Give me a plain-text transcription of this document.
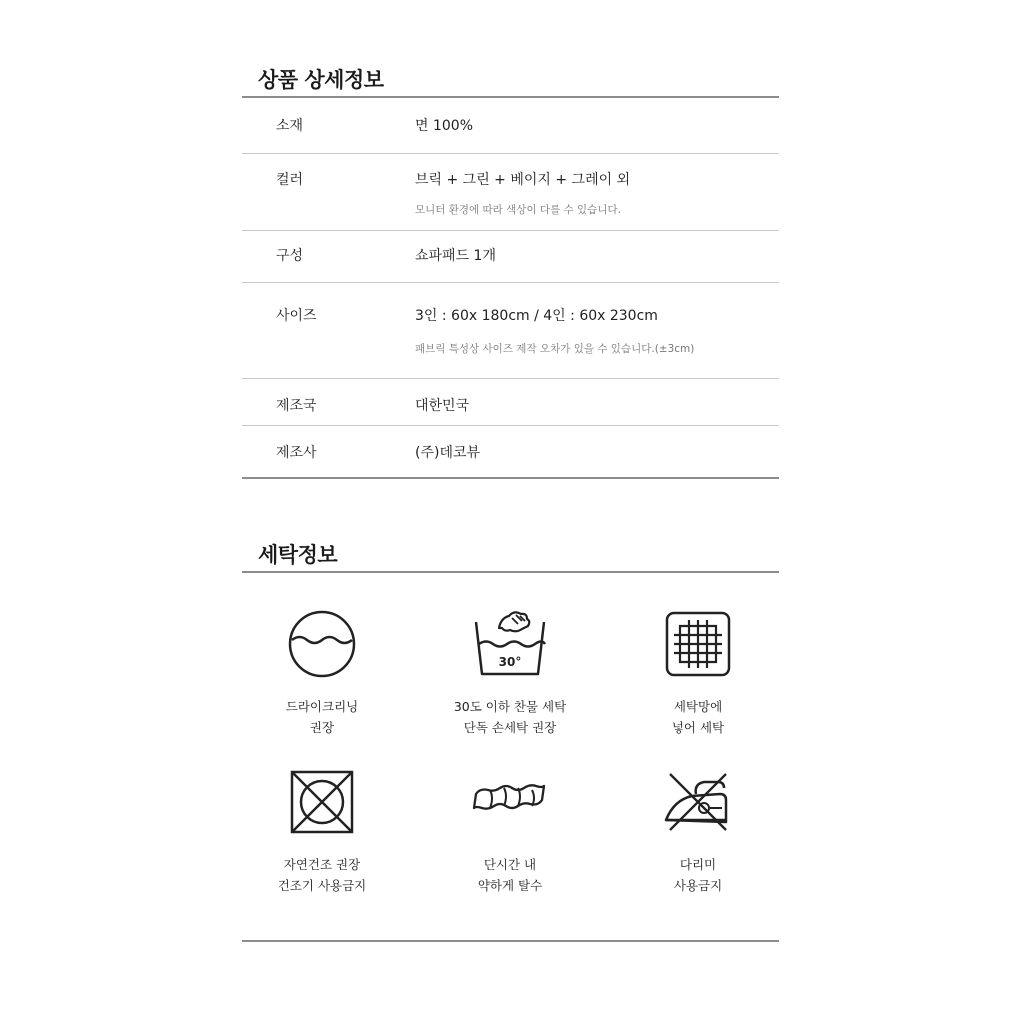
상품 상세정보
소재	면 100%
컬러	브릭 + 그린 + 베이지 + 그레이 외
모니터 환경에 따라 색상이 다를 수 있습니다.
구성	쇼파패드 1개
사이즈	3인 : 60x 180cm / 4인 : 60x 230cm
패브릭 특성상 사이즈 제작 오차가 있을 수 있습니다.(±3cm)
제조국	대한민국
제조사	(주)데코뷰
세탁정보
드라이크리닝
권장
30°
30도 이하 찬물 세탁
단독 손세탁 권장
세탁망에
넣어 세탁
자연건조 권장
건조기 사용금지
단시간 내
약하게 탈수
다리미
사용금지
